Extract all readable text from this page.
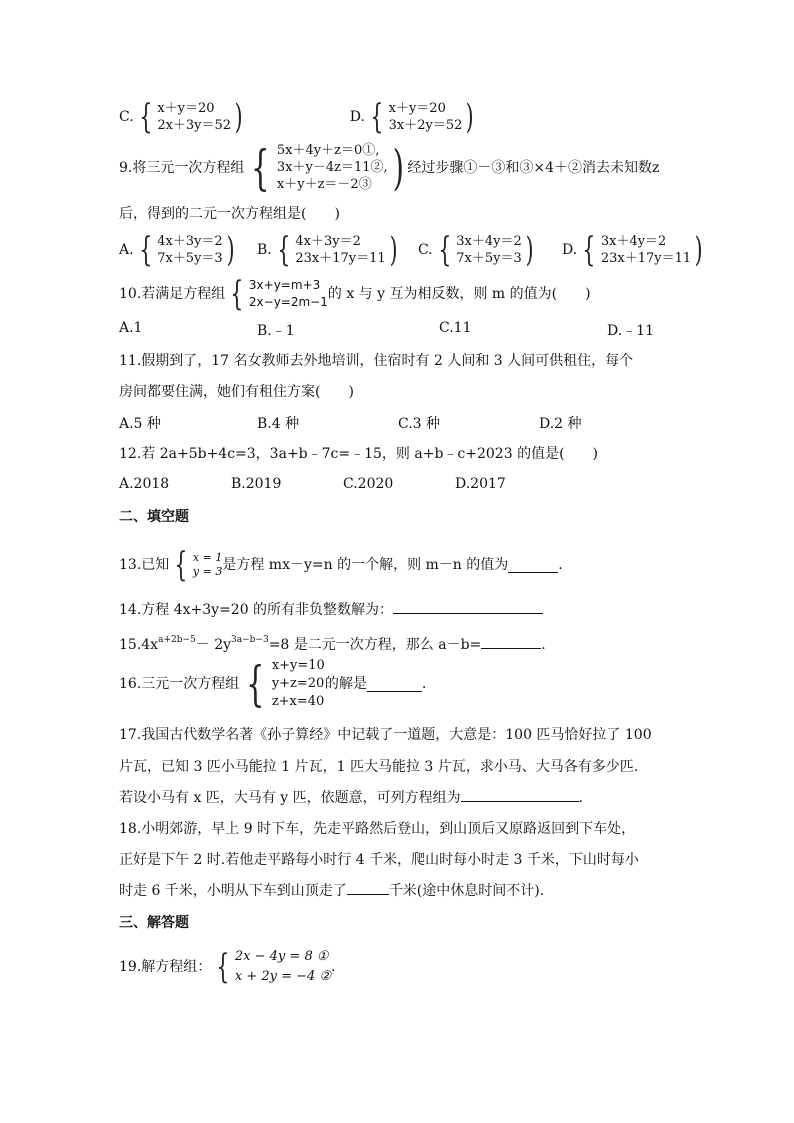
C. { x＋y＝20
2x＋3y＝52 )
	D. { x＋y＝20
3x＋2y＝52 )
9.将三元一次方程组 { 5x＋4y＋z＝0①,
3x＋y－4z＝11②,
x＋y＋z＝－2③ ) 经过步骤①－③和③×4＋②消去未知数z
后，得到的二元一次方程组是(　　)
A. { 4x＋3y＝2
7x＋5y＝3 ) B. { 4x＋3y＝2
23x＋17y＝11 ) C. { 3x＋4y＝2
7x＋5y＝3 ) D. { 3x＋4y＝2
23x＋17y＝11 )
10.若满足方程组 { 3x+y=m+3
2x−y=2m−1 的 x 与 y 互为相反数，则 m 的值为(　　)
A.1	B.﹣1	C.11	D.﹣11
11.假期到了，17 名女教师去外地培训，住宿时有 2 人间和 3 人间可供租住，每个
房间都要住满，她们有租住方案(　　)
A.5 种	B.4 种	C.3 种	D.2 种
12.若 2a+5b+4c=3，3a+b﹣7c=﹣15，则 a+b﹣c+2023 的值是(　　)
A.2018	B.2019	C.2020	D.2017
二、填空题
13.已知 { x = 1
y = 3 是方程 mx－y=n 的一个解，则 m－n 的值为	.
14.方程 4x+3y=20 的所有非负整数解为：
$15.4x^{a+2b-5}- 2y^{3a-b-3}=8$ 是二元一次方程，那么 a－b=	.
16.三元一次方程组 { x+y=10
y+z=20
z+x=40
的解是	.
17.我国古代数学名著《孙子算经》中记载了一道题，大意是：100 匹马恰好拉了 100
片瓦，已知 3 匹小马能拉 1 片瓦，1 匹大马能拉 3 片瓦，求小马、大马各有多少匹.
若设小马有 x 匹，大马有 y 匹，依题意，可列方程组为	.
18.小明郊游，早上 9 时下车，先走平路然后登山，到山顶后又原路返回到下车处，
正好是下午 2 时.若他走平路每小时行 4 千米，爬山时每小时走 3 千米，下山时每小
时走 6 千米，小明从下车到山顶走了	千米(途中休息时间不计).
三、解答题
19.解方程组： { 2x − 4y = 8 ①
x + 2y = −4 ②
.
